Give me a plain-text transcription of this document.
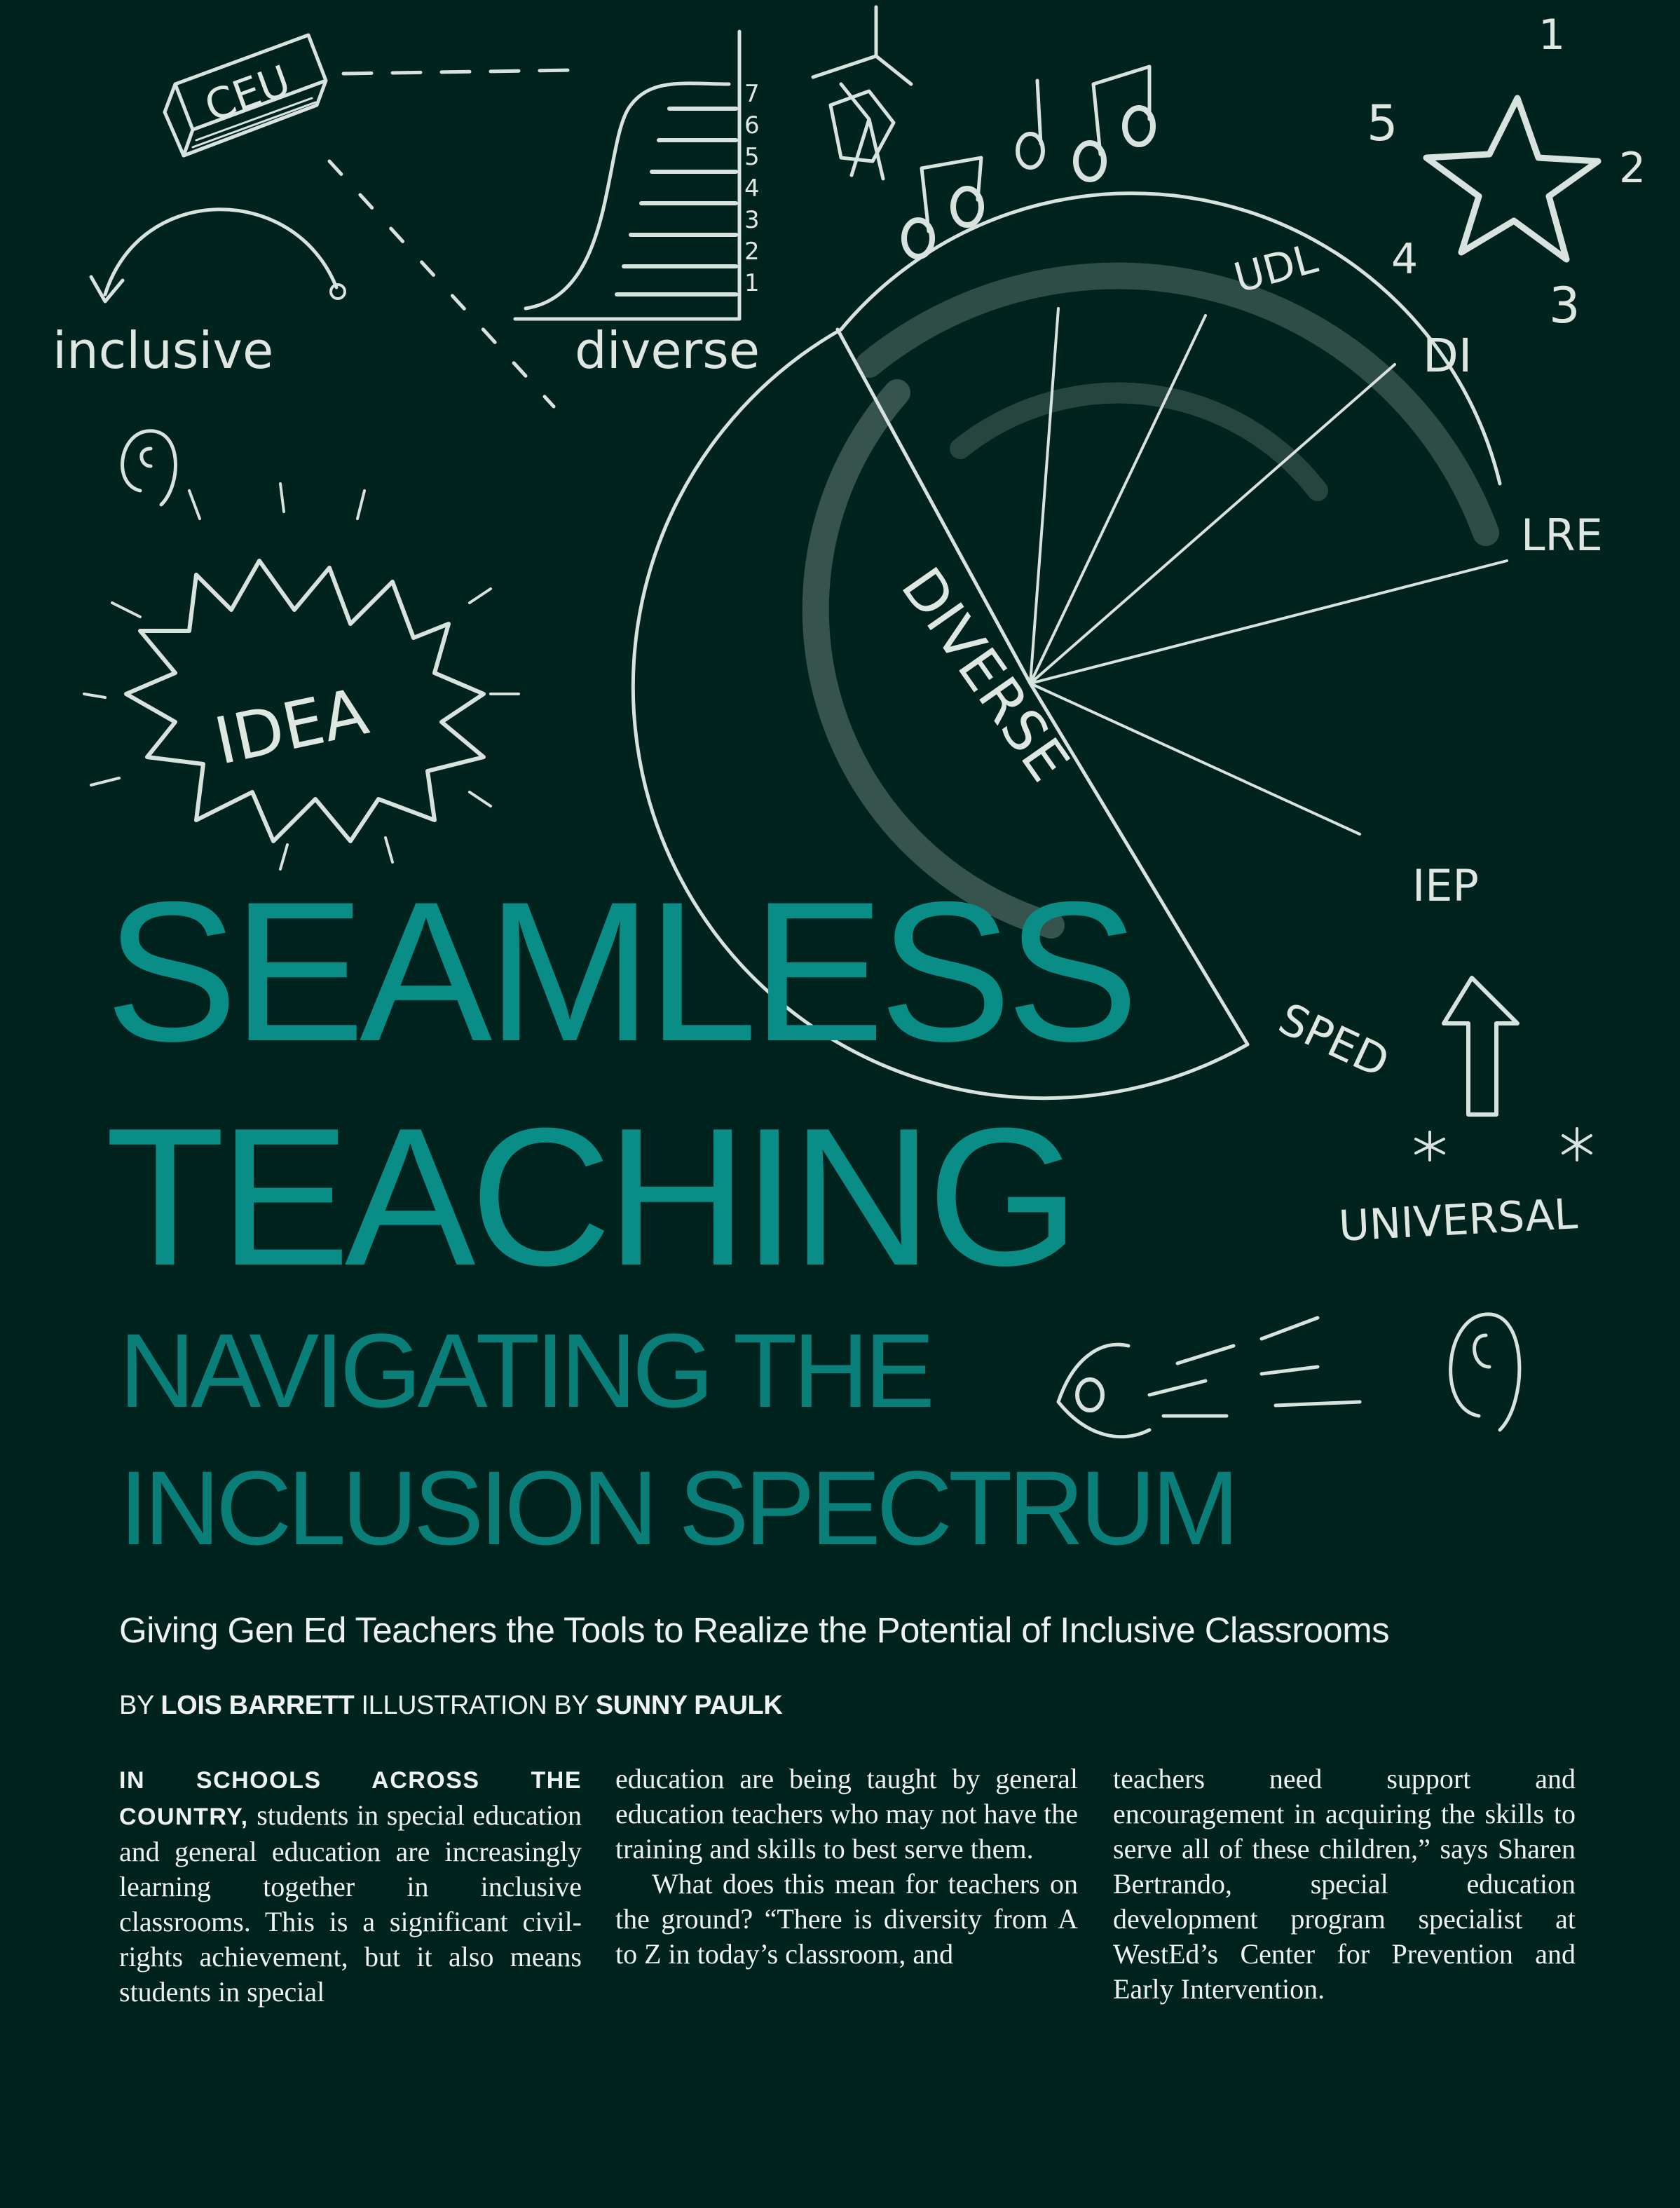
CEU
inclusive
7
6
5
4
3
2
1
diverse
1
2
3
4
5
IDEA	DIVERSE
UDL
DI
LRE
IEP
SPED
UNIVERSAL
SEAMLESS
TEACHING
NAVIGATING THE
INCLUSION SPECTRUM

Giving Gen Ed Teachers the Tools to Realize the Potential of Inclusive Classrooms

BY LOIS BARRETT ILLUSTRATION BY SUNNY PAULK

IN SCHOOLS ACROSS THE COUNTRY, students in special education and general education are increasingly learning together in inclusive classrooms. This is a significant civil-rights achievement, but it also means students in special

education are being taught by general education teachers who may not have the training and skills to best serve them.

What does this mean for teachers on the ground? “There is diversity from A to Z in today’s classroom, and

teachers need support and encouragement in acquiring the skills to serve all of these children,” says Sharen Bertrando, special education development program specialist at WestEd’s Center for Prevention and Early Intervention.
